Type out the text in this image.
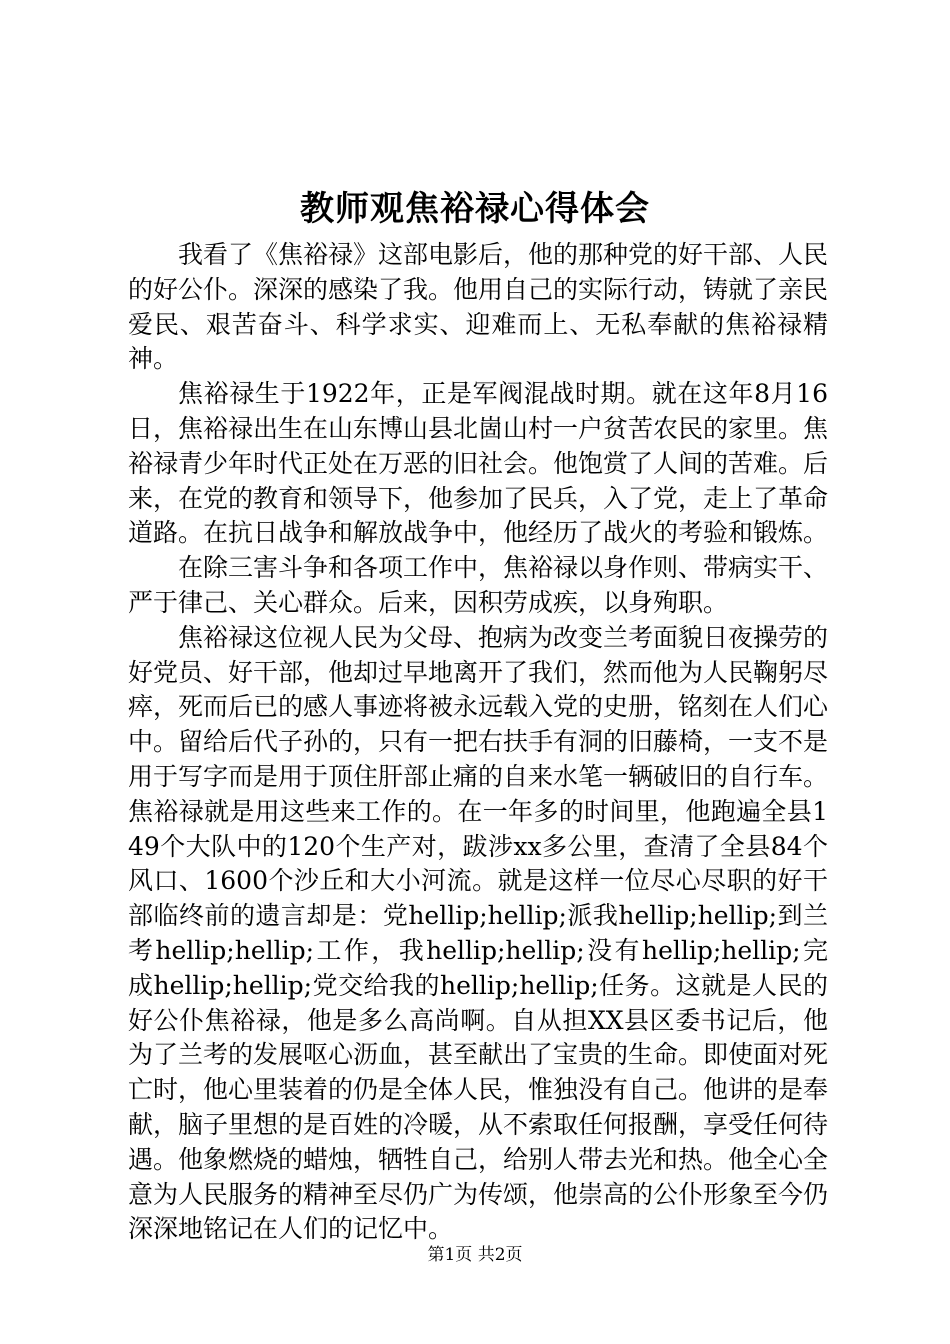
教师观焦裕禄心得体会

我看了《焦裕禄》这部电影后，他的那种党的好干部、人民的好公仆。深深的感染了我。他用自己的实际行动，铸就了亲民爱民、艰苦奋斗、科学求实、迎难而上、无私奉献的焦裕禄精神。

焦裕禄生于1922年，正是军阀混战时期。就在这年8月16日，焦裕禄出生在山东博山县北崮山村一户贫苦农民的家里。焦裕禄青少年时代正处在万恶的旧社会。他饱赏了人间的苦难。后来，在党的教育和领导下，他参加了民兵，入了党，走上了革命道路。在抗日战争和解放战争中，他经历了战火的考验和锻炼。

在除三害斗争和各项工作中，焦裕禄以身作则、带病实干、严于律己、关心群众。后来，因积劳成疾，以身殉职。

焦裕禄这位视人民为父母、抱病为改变兰考面貌日夜操劳的好党员、好干部，他却过早地离开了我们，然而他为人民鞠躬尽瘁，死而后已的感人事迹将被永远载入党的史册，铭刻在人们心中。留给后代子孙的，只有一把右扶手有洞的旧藤椅，一支不是用于写字而是用于顶住肝部止痛的自来水笔一辆破旧的自行车。焦裕禄就是用这些来工作的。在一年多的时间里，他跑遍全县149个大队中的120个生产对，跋涉xx多公里，查清了全县84个风口、1600个沙丘和大小河流。就是这样一位尽心尽职的好干部临终前的遗言却是：党hellip;hellip;派我hellip;hellip;到兰考hellip;hellip;工作，我hellip;hellip;没有hellip;hellip;完成hellip;hellip;党交给我的hellip;hellip;任务。这就是人民的好公仆焦裕禄，他是多么高尚啊。自从担XX县区委书记后，他为了兰考的发展呕心沥血，甚至献出了宝贵的生命。即使面对死亡时，他心里装着的仍是全体人民，惟独没有自己。他讲的是奉献，脑子里想的是百姓的冷暖，从不索取任何报酬，享受任何待遇。他象燃烧的蜡烛，牺牲自己，给别人带去光和热。他全心全意为人民服务的精神至尽仍广为传颂，他崇高的公仆形象至今仍深深地铭记在人们的记忆中。

第1页 共2页
